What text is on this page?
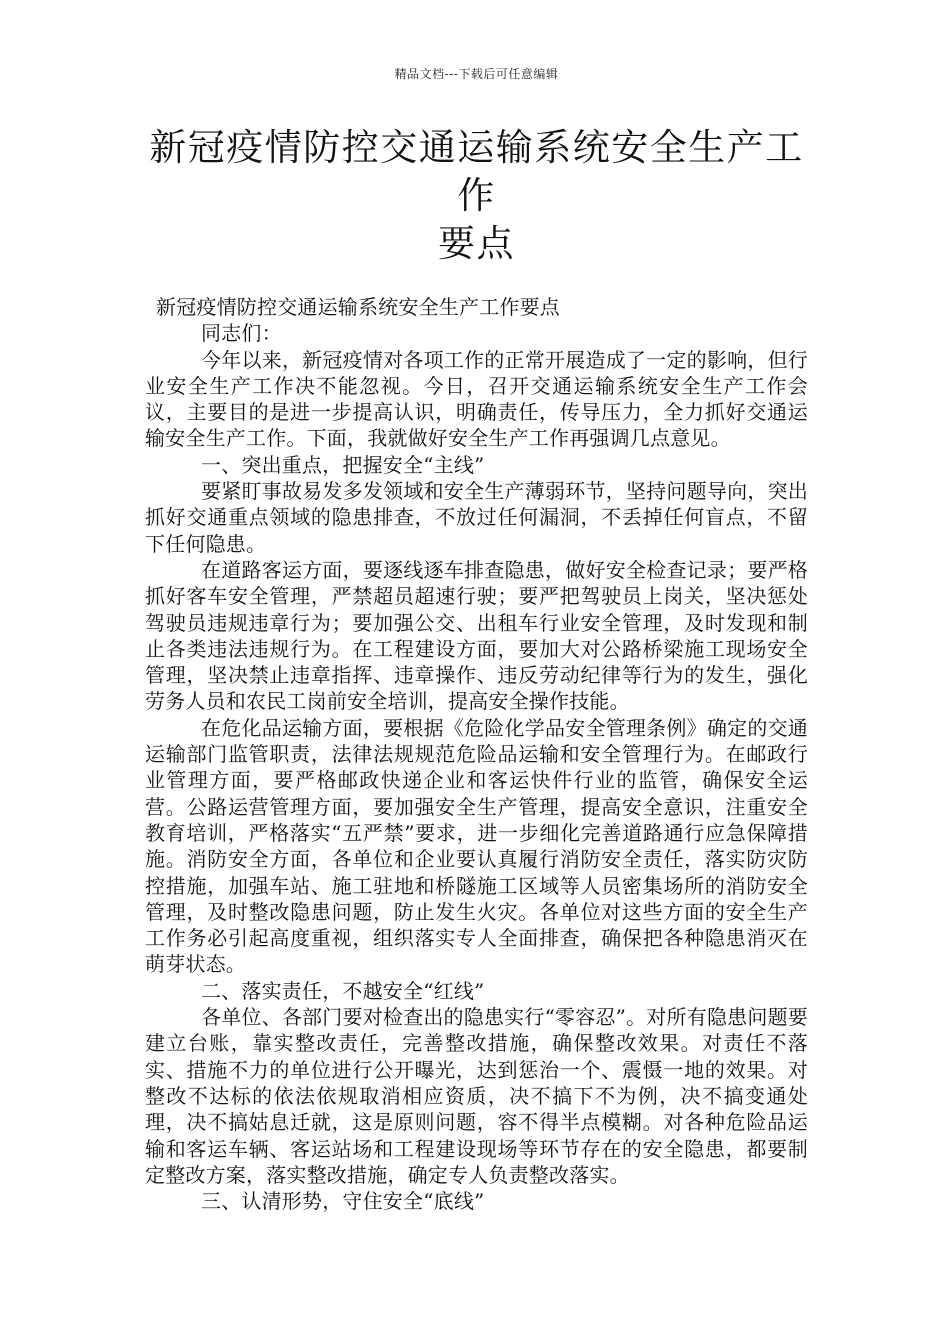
精品文档---下载后可任意编辑
新冠疫情防控交通运输系统安全生产工作
要点

新冠疫情防控交通运输系统安全生产工作要点

同志们：

今年以来，新冠疫情对各项工作的正常开展造成了一定的影响，但行业安全生产工作决不能忽视。今日，召开交通运输系统安全生产工作会议，主要目的是进一步提高认识，明确责任，传导压力，全力抓好交通运输安全生产工作。下面，我就做好安全生产工作再强调几点意见。

一、突出重点，把握安全“主线”

要紧盯事故易发多发领域和安全生产薄弱环节，坚持问题导向，突出抓好交通重点领域的隐患排查，不放过任何漏洞，不丢掉任何盲点，不留下任何隐患。

在道路客运方面，要逐线逐车排查隐患，做好安全检查记录；要严格抓好客车安全管理，严禁超员超速行驶；要严把驾驶员上岗关，坚决惩处驾驶员违规违章行为；要加强公交、出租车行业安全管理，及时发现和制止各类违法违规行为。在工程建设方面，要加大对公路桥梁施工现场安全管理，坚决禁止违章指挥、违章操作、违反劳动纪律等行为的发生，强化劳务人员和农民工岗前安全培训，提高安全操作技能。

在危化品运输方面，要根据《危险化学品安全管理条例》确定的交通运输部门监管职责，法律法规规范危险品运输和安全管理行为。在邮政行业管理方面，要严格邮政快递企业和客运快件行业的监管，确保安全运营。公路运营管理方面，要加强安全生产管理，提高安全意识，注重安全教育培训，严格落实“五严禁”要求，进一步细化完善道路通行应急保障措施。消防安全方面，各单位和企业要认真履行消防安全责任，落实防灾防控措施，加强车站、施工驻地和桥隧施工区域等人员密集场所的消防安全管理，及时整改隐患问题，防止发生火灾。各单位对这些方面的安全生产工作务必引起高度重视，组织落实专人全面排查，确保把各种隐患消灭在萌芽状态。

二、落实责任，不越安全“红线”

各单位、各部门要对检查出的隐患实行“零容忍”。对所有隐患问题要建立台账，靠实整改责任，完善整改措施，确保整改效果。对责任不落实、措施不力的单位进行公开曝光，达到惩治一个、震慑一地的效果。对整改不达标的依法依规取消相应资质，决不搞下不为例，决不搞变通处理，决不搞姑息迁就，这是原则问题，容不得半点模糊。对各种危险品运输和客运车辆、客运站场和工程建设现场等环节存在的安全隐患，都要制定整改方案，落实整改措施，确定专人负责整改落实。

三、认清形势，守住安全“底线”
